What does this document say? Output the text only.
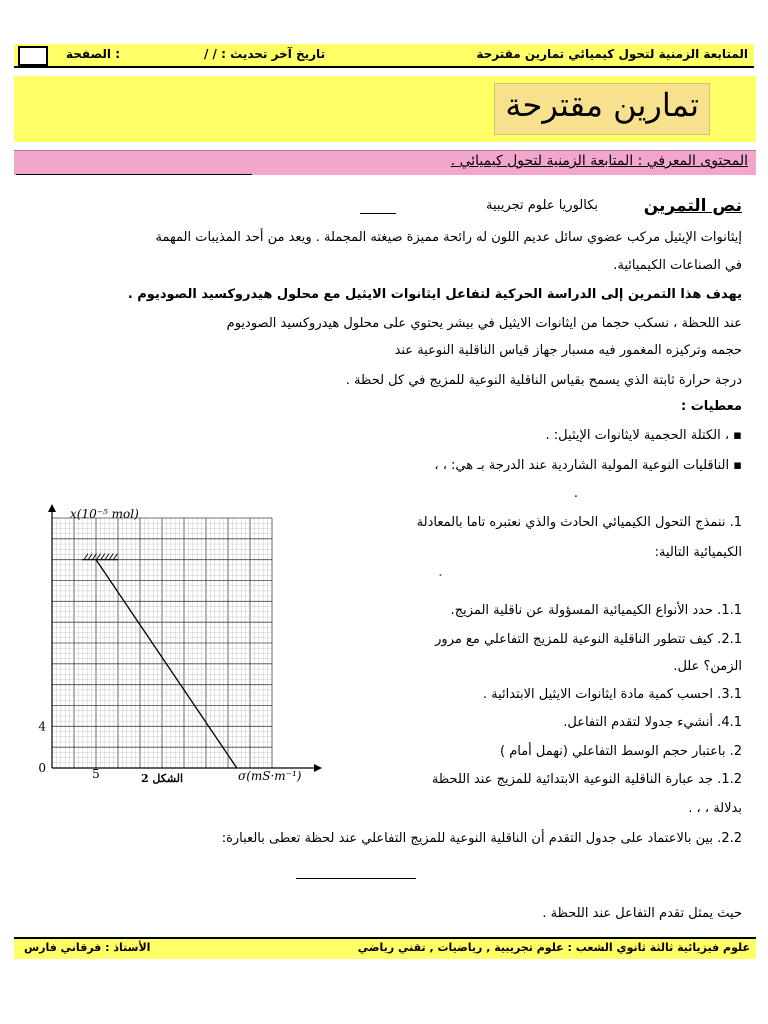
الصفحة :	تاريخ آخر تحديث : / /	المتابعة الزمنية لتحول كيميائي تمارين مقترحة
تمارين مقترحة
المحتوى المعرفي : المتابعة الزمنية لتحول كيميائي .
نص التمرين
بكالوريا علوم تجريبية
إيثانوات الإيثيل مركب عضوي سائل عديم اللون له رائحة مميزة صيغته المجملة . ويعد من أحد المذيبات المهمة
في الصناعات الكيميائية.
يهدف هذا التمرين إلى الدراسة الحركية لتفاعل ايثانوات الايثيل مع محلول هيدروكسيد الصوديوم .
عند اللحظة ، نسكب حجما من ايثانوات الايثيل في بيشر يحتوي على محلول هيدروكسيد الصوديوم
حجمه وتركيزه المغمور فيه مسبار جهاز قياس الناقلية النوعية عند
درجة حرارة ثابتة الذي يسمح بقياس الناقلية النوعية للمزيج في كل لحظة .
معطيات :
▪ ، الكتلة الحجمية لايثانوات الإيثيل: .
▪ الناقليات النوعية المولية الشاردية عند الدرجة بـ هي: ، ،
.
1. ننمذج التحول الكيميائي الحادث والذي نعتبره تاما بالمعادلة
الكيميائية التالية:
1.1. حدد الأنواع الكيميائية المسؤولة عن ناقلية المزيج.
2.1. كيف تتطور الناقلية النوعية للمزيج التفاعلي مع مرور
الزمن؟ علل.
3.1. احسب كمية مادة ايثانوات الايثيل الابتدائية .
4.1. أنشيء جدولا لتقدم التفاعل.
2. باعتبار حجم الوسط التفاعلي (نهمل أمام )
1.2. جد عبارة الناقلية النوعية الابتدائية للمزيج عند اللحظة
بدلالة ، ، .
2.2. بين بالاعتماد على جدول التقدم أن الناقلية النوعية للمزيج التفاعلي عند لحظة تعطى بالعبارة:
حيث يمثل تقدم التفاعل عند اللحظة .
x(10⁻⁵ mol)
σ(mS·m⁻¹)
الشكل 2
5
4
0
الأستاذ : فرقاني فارس	علوم فيزيائية ثالثة ثانوي الشعب : علوم تجريبية , رياضيات , تقني رياضي
